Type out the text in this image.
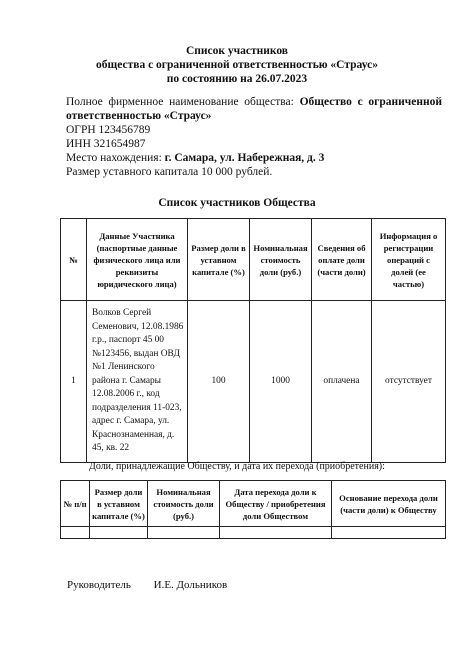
Список участников
общества с ограниченной ответственностью «Страус»
по состоянию на 26.07.2023
Полное фирменное наименование общества: Общество с ограниченной ответственностью «Страус»
ОГРН 123456789
ИНН 321654987
Место нахождения: г. Самара, ул. Набережная, д. 3
Размер уставного капитала 10 000 рублей.
Список участников Общества
№	Данные Участника (паспортные данные физического лица или реквизиты юридического лица)	Размер доли в уставном капитале (%)	Номинальная стоимость доли (руб.)	Сведения об оплате доли (части доли)	Информация о регистрации операций с долей (ее частью)
1	Волков Сергей Семенович, 12.08.1986 г.р., паспорт 45 00 №123456, выдан ОВД №1 Ленинского района г. Самары 12.08.2006 г., код подразделения 11-023, адрес г. Самара, ул. Краснознаменная, д. 45, кв. 22	100	1000	оплачена	отсутствует
Доли, принадлежащие Обществу, и дата их перехода (приобретения):
№ п/п	Размер доли в уставном капитале (%)	Номинальная стоимость доли (руб.)	Дата перехода доли к Обществу / приобретения доли Обществом	Основание перехода доли (части доли) к Обществу

Руководитель И.Е. Дольников
